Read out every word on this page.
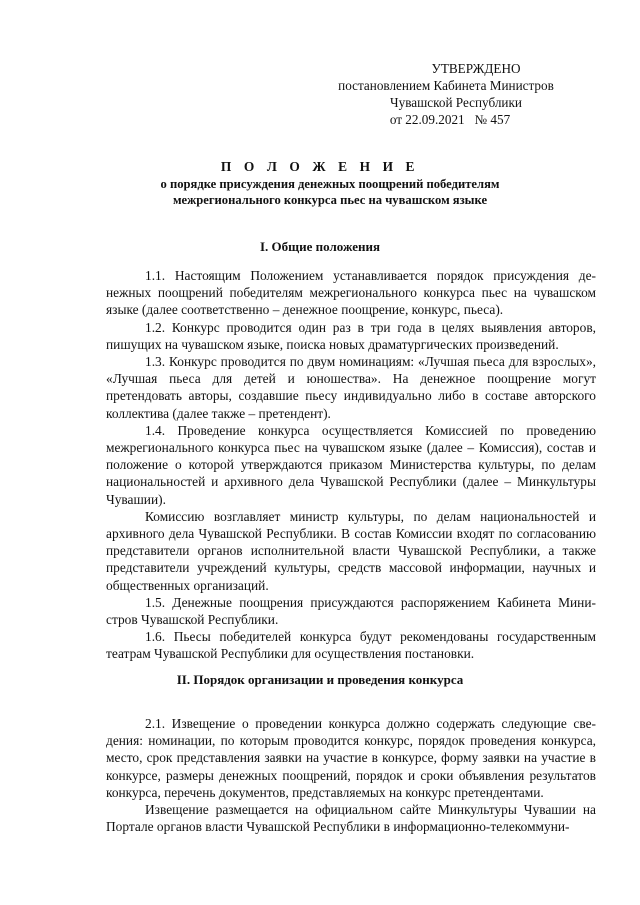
УТВЕРЖДЕНО
постановлением Кабинета Министров
Чувашской Республики
от 22.09.2021   № 457
П О Л О Ж Е Н И Е
о порядке присуждения денежных поощрений победителям
межрегионального конкурса пьес на чувашском языке
I. Общие положения

1.1. Настоящим Положением устанавливается порядок присуждения денежных поощрений победителям межрегионального конкурса пьес на чувашском языке (далее соответственно – денежное поощрение, конкурс, пьеса).

1.2. Конкурс проводится один раз в три года в целях выявления авторов, пишущих на чувашском языке, поиска новых драматургических произведений.

1.3. Конкурс проводится по двум номинациям: «Лучшая пьеса для взрослых», «Лучшая пьеса для детей и юношества». На денежное поощрение могут претендовать авторы, создавшие пьесу индивидуально либо в составе авторского коллектива (далее также – претендент).

1.4. Проведение конкурса осуществляется Комиссией по проведению межрегионального конкурса пьес на чувашском языке (далее – Комиссия), состав и положение о которой утверждаются приказом Министерства культуры, по делам национальностей и архивного дела Чувашской Республики (далее – Минкультуры Чувашии).

Комиссию возглавляет министр культуры, по делам национальностей и архивного дела Чувашской Республики. В состав Комиссии входят по согласованию представители органов исполнительной власти Чувашской Республики, а также представители учреждений культуры, средств массовой информации, научных и общественных организаций.

1.5. Денежные поощрения присуждаются распоряжением Кабинета Министров Чувашской Республики.

1.6. Пьесы победителей конкурса будут рекомендованы государственным театрам Чувашской Республики для осуществления постановки.

II. Порядок организации и проведения конкурса

2.1. Извещение о проведении конкурса должно содержать следующие сведения: номинации, по которым проводится конкурс, порядок проведения конкурса, место, срок представления заявки на участие в конкурсе, форму заявки на участие в конкурсе, размеры денежных поощрений, порядок и сроки объявления результатов конкурса, перечень документов, представляемых на конкурс претендентами.

Извещение размещается на официальном сайте Минкультуры Чувашии на Портале органов власти Чувашской Республики в информационно-телекоммуни-
